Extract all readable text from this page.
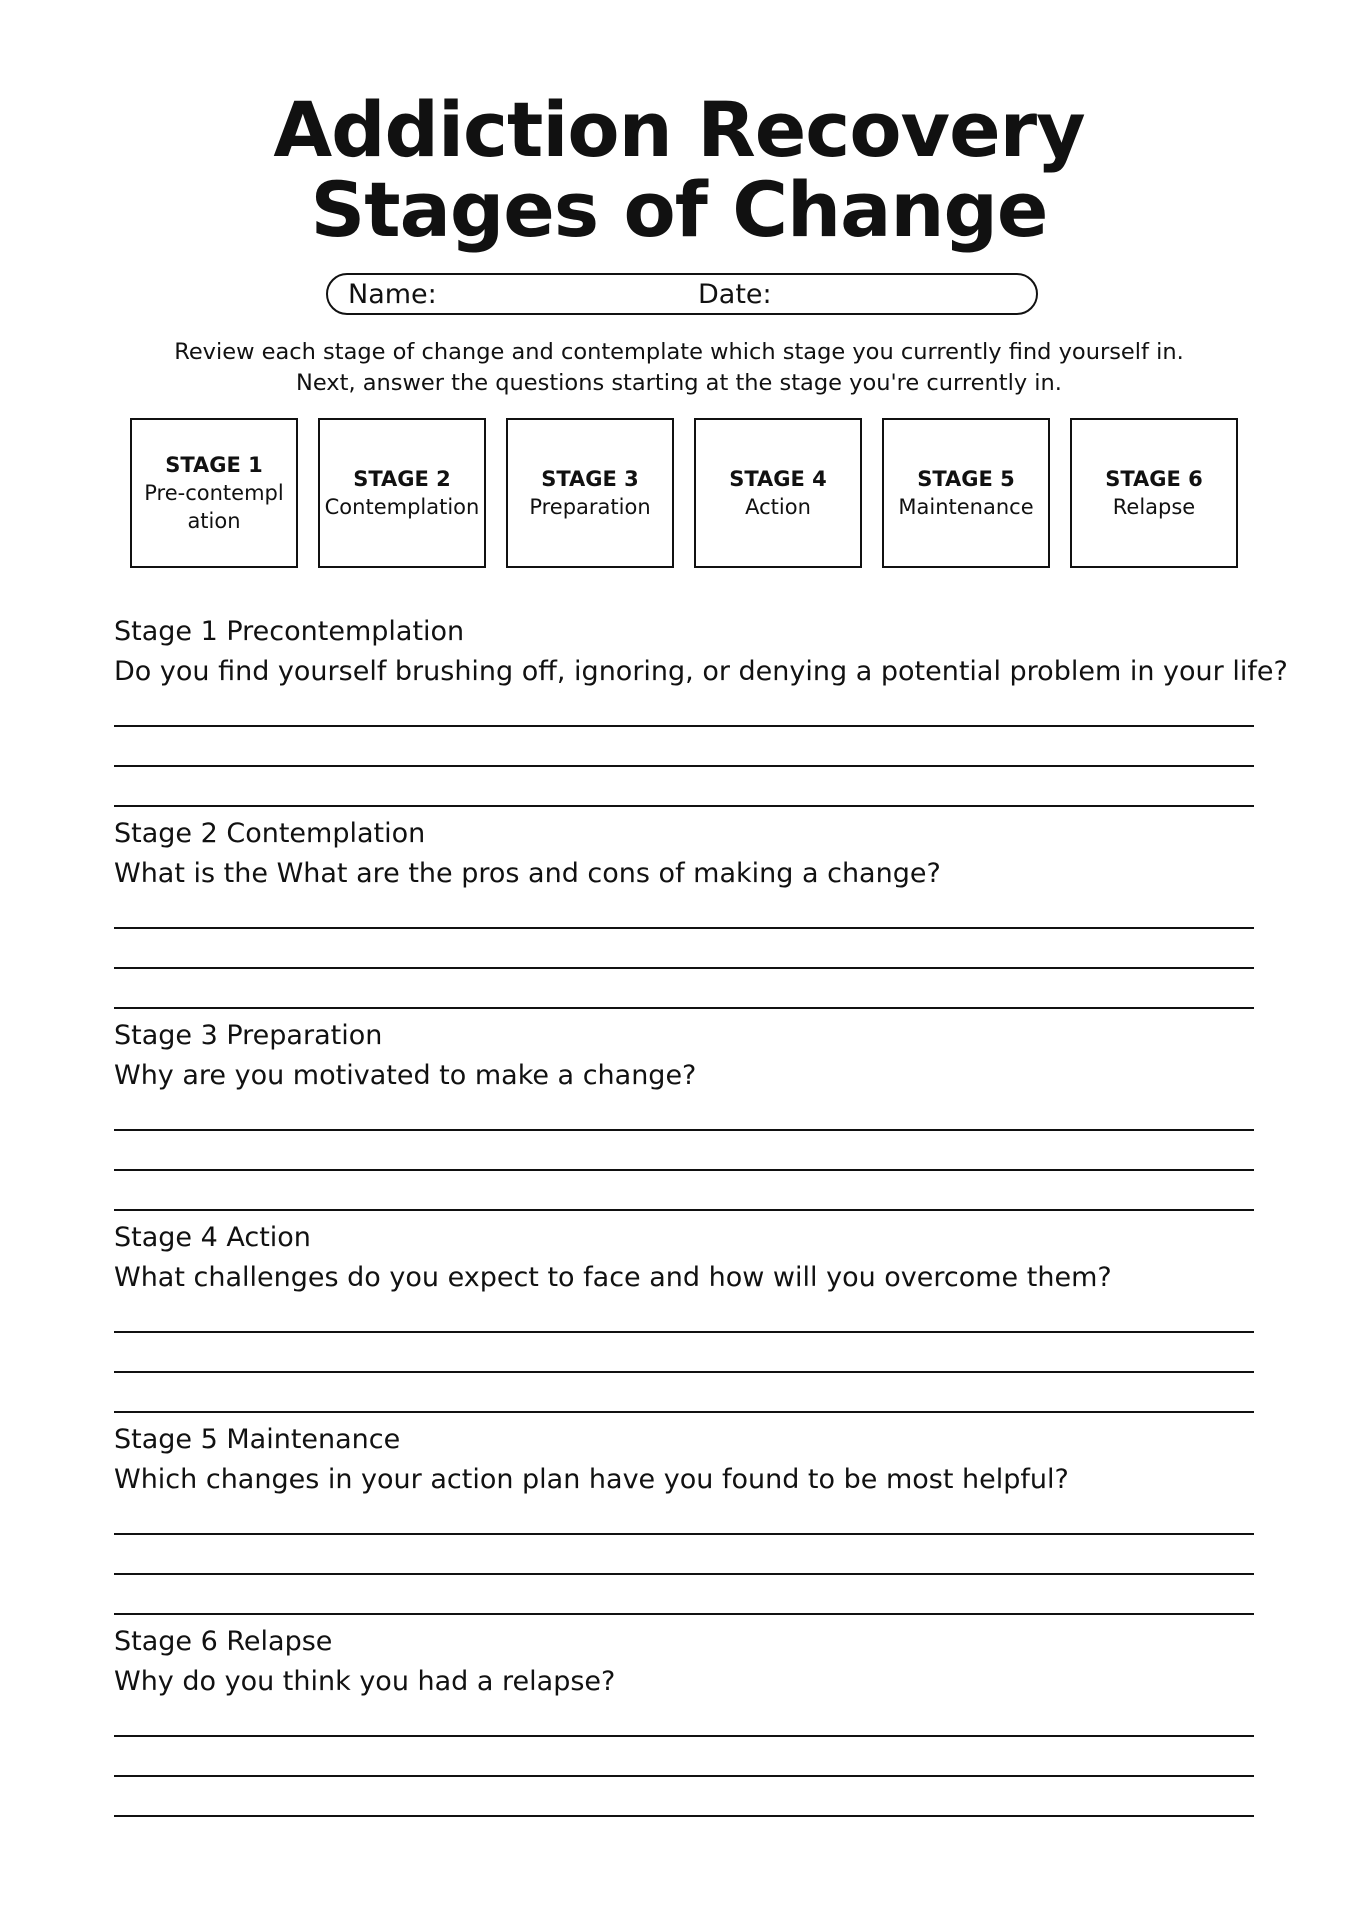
Addiction Recovery
Stages of Change
Name:	Date:
Review each stage of change and contemplate which stage you currently find yourself in.
Next, answer the questions starting at the stage you're currently in.
STAGE 1
Pre-contemplation
STAGE 2
Contemplation
STAGE 3
Preparation
STAGE 4
Action
STAGE 5
Maintenance
STAGE 6
Relapse
Stage 1 Precontemplation
Do you find yourself brushing off, ignoring, or denying a potential problem in your life?
Stage 2 Contemplation
What is the What are the pros and cons of making a change?
Stage 3 Preparation
Why are you motivated to make a change?
Stage 4 Action
What challenges do you expect to face and how will you overcome them?
Stage 5 Maintenance
Which changes in your action plan have you found to be most helpful?
Stage 6 Relapse
Why do you think you had a relapse?
